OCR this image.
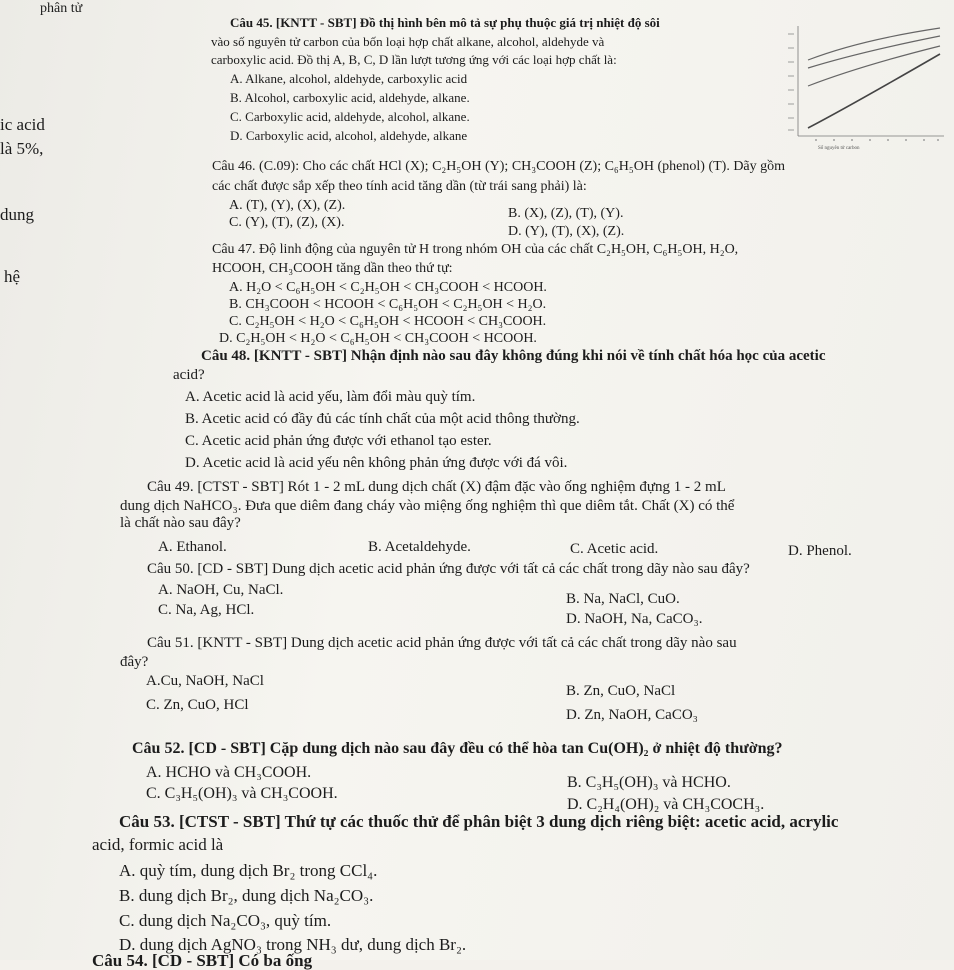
phân tử
ic acid
là 5%,
dung
hệ
Câu 45. [KNTT - SBT] Đồ thị hình bên mô tả sự phụ thuộc giá trị nhiệt độ sôi
vào số nguyên tử carbon của bốn loại hợp chất alkane, alcohol, aldehyde và
carboxylic acid. Đồ thị A, B, C, D lần lượt tương ứng với các loại hợp chất là:
A. Alkane, alcohol, aldehyde, carboxylic acid
B. Alcohol, carboxylic acid, aldehyde, alkane.
C. Carboxylic acid, aldehyde, alcohol, alkane.
D. Carboxylic acid, alcohol, aldehyde, alkane
Số nguyên tử carbon
Câu 46. (C.09): Cho các chất HCl (X); C₂H₅OH (Y); CH₃COOH (Z); C₆H₅OH (phenol) (T). Dãy gồm
các chất được sắp xếp theo tính acid tăng dần (từ trái sang phải) là:
A. (T), (Y), (X), (Z).
C. (Y), (T), (Z), (X).
B. (X), (Z), (T), (Y).
D. (Y), (T), (X), (Z).
Câu 47. Độ linh động của nguyên tử H trong nhóm OH của các chất C₂H₅OH, C₆H₅OH, H₂O,
HCOOH, CH₃COOH tăng dần theo thứ tự:
A. H₂O < C₆H₅OH < C₂H₅OH < CH₃COOH < HCOOH.
B. CH₃COOH < HCOOH < C₆H₅OH < C₂H₅OH < H₂O.
C. C₂H₅OH < H₂O < C₆H₅OH < HCOOH < CH₃COOH.
D. C₂H₅OH < H₂O < C₆H₅OH < CH₃COOH < HCOOH.
Câu 48. [KNTT - SBT] Nhận định nào sau đây không đúng khi nói về tính chất hóa học của acetic
acid?
A. Acetic acid là acid yếu, làm đổi màu quỳ tím.
B. Acetic acid có đầy đủ các tính chất của một acid thông thường.
C. Acetic acid phản ứng được với ethanol tạo ester.
D. Acetic acid là acid yếu nên không phản ứng được với đá vôi.
Câu 49. [CTST - SBT] Rót 1 - 2 mL dung dịch chất (X) đậm đặc vào ống nghiệm đựng 1 - 2 mL
dung dịch NaHCO₃. Đưa que diêm đang cháy vào miệng ống nghiệm thì que diêm tắt. Chất (X) có thể
là chất nào sau đây?
A. Ethanol.	B. Acetaldehyde.	C. Acetic acid.	D. Phenol.
Câu 50. [CD - SBT] Dung dịch acetic acid phản ứng được với tất cả các chất trong dãy nào sau đây?
A. NaOH, Cu, NaCl.
C. Na, Ag, HCl.
B. Na, NaCl, CuO.
D. NaOH, Na, CaCO₃.
Câu 51. [KNTT - SBT] Dung dịch acetic acid phản ứng được với tất cả các chất trong dãy nào sau
đây?
A.Cu, NaOH, NaCl
C. Zn, CuO, HCl
B. Zn, CuO, NaCl
D. Zn, NaOH, CaCO₃
Câu 52. [CD - SBT] Cặp dung dịch nào sau đây đều có thể hòa tan Cu(OH)₂ ở nhiệt độ thường?
A. HCHO và CH₃COOH.
C. C₃H₅(OH)₃ và CH₃COOH.
B. C₃H₅(OH)₃ và HCHO.
D. C₂H₄(OH)₂ và CH₃COCH₃.
Câu 53. [CTST - SBT] Thứ tự các thuốc thử để phân biệt 3 dung dịch riêng biệt: acetic acid, acrylic
acid, formic acid là
A. quỳ tím, dung dịch Br₂ trong CCl₄.
B. dung dịch Br₂, dung dịch Na₂CO₃.
C. dung dịch Na₂CO₃, quỳ tím.
D. dung dịch AgNO₃ trong NH₃ dư, dung dịch Br₂.
Câu 54. [CD - SBT] Có ba ống
